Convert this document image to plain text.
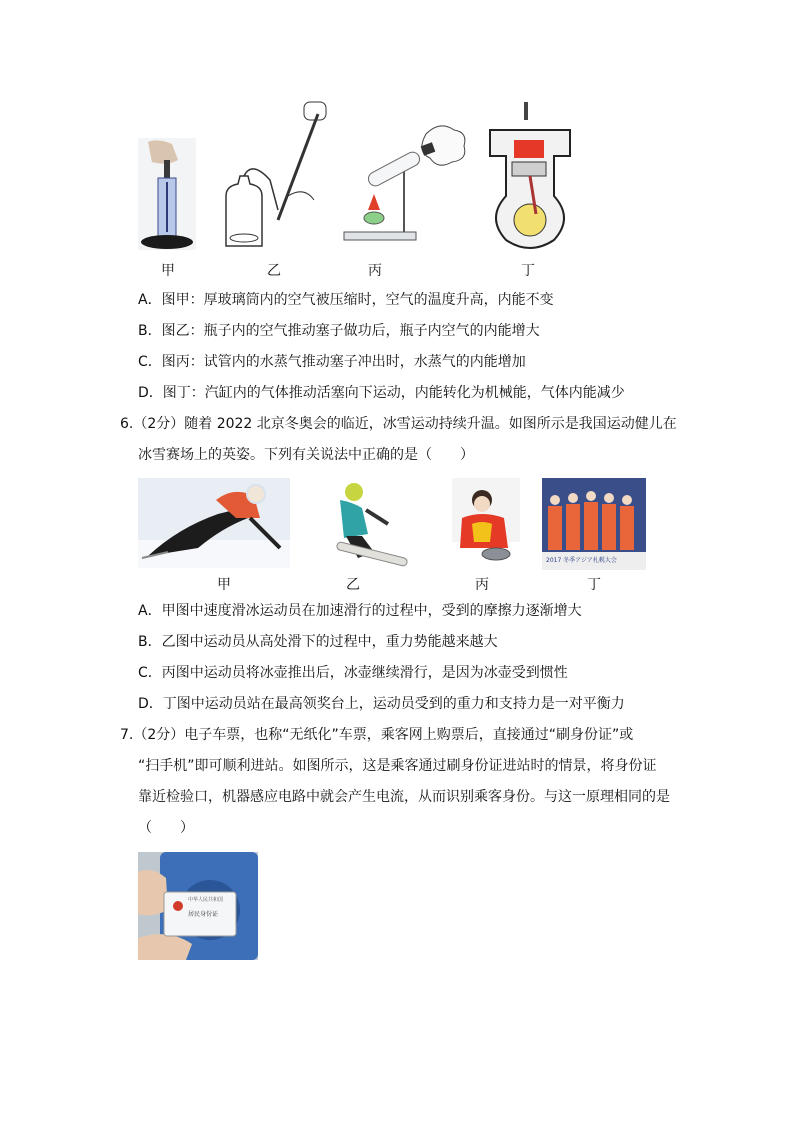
甲	乙	丙	丁
A．图甲：厚玻璃筒内的空气被压缩时，空气的温度升高，内能不变
B．图乙：瓶子内的空气推动塞子做功后，瓶子内空气的内能增大
C．图丙：试管内的水蒸气推动塞子冲出时，水蒸气的内能增加
D．图丁：汽缸内的气体推动活塞向下运动，内能转化为机械能，气体内能减少
6.（2分）随着 2022 北京冬奥会的临近，冰雪运动持续升温。如图所示是我国运动健儿在
冰雪赛场上的英姿。下列有关说法中正确的是（　　）
2017 冬季アジア札幌大会
甲	乙	丙	丁
A．甲图中速度滑冰运动员在加速滑行的过程中，受到的摩擦力逐渐增大
B．乙图中运动员从高处滑下的过程中，重力势能越来越大
C．丙图中运动员将冰壶推出后，冰壶继续滑行，是因为冰壶受到惯性
D．丁图中运动员站在最高领奖台上，运动员受到的重力和支持力是一对平衡力
7.（2分）电子车票，也称“无纸化”车票，乘客网上购票后，直接通过“刷身份证”或
“扫手机”即可顺利进站。如图所示，这是乘客通过刷身份证进站时的情景，将身份证
靠近检验口，机器感应电路中就会产生电流，从而识别乘客身份。与这一原理相同的是
（　　）
中华人民共和国
居民身份证
